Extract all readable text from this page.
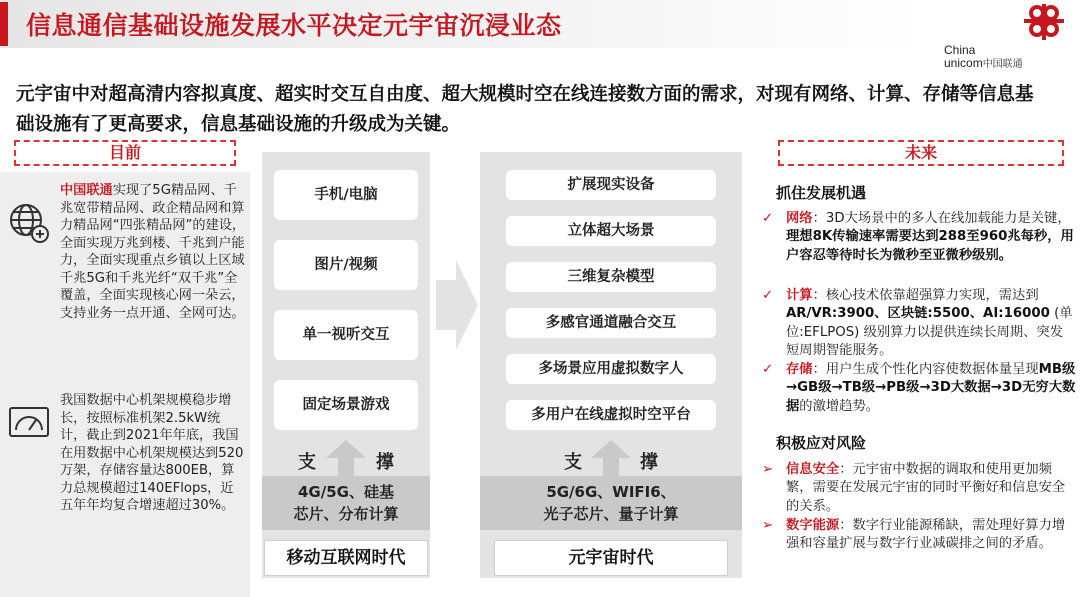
信息通信基础设施发展水平决定元宇宙沉浸业态
China
unicom中国联通
元宇宙中对超高清内容拟真度、超实时交互自由度、超大规模时空在线连接数方面的需求，对现有网络、计算、存储等信息基础设施有了更高要求，信息基础设施的升级成为关键。
目前	未来
中国联通实现了5G精品网、千兆宽带精品网、政企精品网和算力精品网“四张精品网”的建设，全面实现万兆到楼、千兆到户能力，全面实现重点乡镇以上区域千兆5G和千兆光纤“双千兆”全覆盖，全面实现核心网一朵云，支持业务一点开通、全网可达。
我国数据中心机架规模稳步增长，按照标准机架2.5kW统计，截止到2021年年底，我国在用数据中心机架规模达到520万架，存储容量达800EB，算力总规模超过140EFlops，近五年年均复合增速超过30%。
手机/电脑
图片/视频
单一视听交互
固定场景游戏
支	撑
4G/5G、硅基
芯片、分布计算
移动互联网时代
扩展现实设备
立体超大场景
三维复杂模型
多感官通道融合交互
多场景应用虚拟数字人
多用户在线虚拟时空平台
支	撑
5G/6G、WIFI6、
光子芯片、量子计算
元宇宙时代
抓住发展机遇
✓ 网络：3D大场景中的多人在线加载能力是关键，理想8K传输速率需要达到288至960兆每秒，用户容忍等待时长为微秒至亚微秒级别。
✓ 计算：核心技术依靠超强算力实现，需达到AR/VR:3900、区块链:5500、AI:16000 (单位:EFLPOS) 级别算力以提供连续长周期、突发短周期智能服务。
✓ 存储：用户生成个性化内容使数据体量呈现MB级→GB级→TB级→PB级→3D大数据→3D无穷大数据的激增趋势。
积极应对风险
➢ 信息安全：元宇宙中数据的调取和使用更加频繁，需要在发展元宇宙的同时平衡好和信息安全的关系。
➢ 数字能源：数字行业能源稀缺，需处理好算力增强和容量扩展与数字行业减碳排之间的矛盾。
